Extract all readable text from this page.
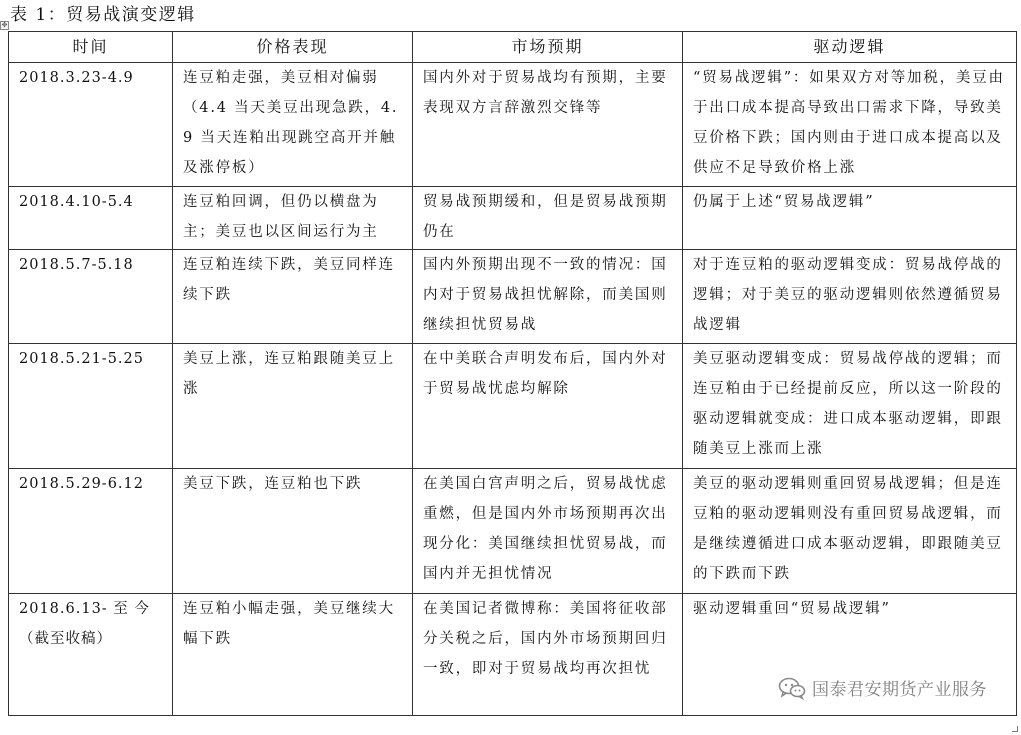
表 1：贸易战演变逻辑
✥
时间	价格表现	市场预期	驱动逻辑
2018.3.23-4.9	连豆粕走强，美豆相对偏弱（4.4 当天美豆出现急跌，4.9 当天连粕出现跳空高开并触及涨停板）	国内外对于贸易战均有预期，主要表现双方言辞激烈交锋等	“贸易战逻辑”：如果双方对等加税，美豆由于出口成本提高导致出口需求下降，导致美豆价格下跌；国内则由于进口成本提高以及供应不足导致价格上涨
2018.4.10-5.4	连豆粕回调，但仍以横盘为主；美豆也以区间运行为主	贸易战预期缓和，但是贸易战预期仍在	仍属于上述“贸易战逻辑”
2018.5.7-5.18	连豆粕连续下跌，美豆同样连续下跌	国内外预期出现不一致的情况：国内对于贸易战担忧解除，而美国则继续担忧贸易战	对于连豆粕的驱动逻辑变成：贸易战停战的逻辑；对于美豆的驱动逻辑则依然遵循贸易战逻辑
2018.5.21-5.25	美豆上涨，连豆粕跟随美豆上涨	在中美联合声明发布后，国内外对于贸易战忧虑均解除	美豆驱动逻辑变成：贸易战停战的逻辑；而连豆粕由于已经提前反应，所以这一阶段的驱动逻辑就变成：进口成本驱动逻辑，即跟随美豆上涨而上涨
2018.5.29-6.12	美豆下跌，连豆粕也下跌	在美国白宫声明之后，贸易战忧虑重燃，但是国内外市场预期再次出现分化：美国继续担忧贸易战，而国内并无担忧情况	美豆的驱动逻辑则重回贸易战逻辑；但是连豆粕的驱动逻辑则没有重回贸易战逻辑，而是继续遵循进口成本驱动逻辑，即跟随美豆的下跌而下跌
2018.6.13- 至 今（截至收稿）	连豆粕小幅走强，美豆继续大幅下跌	在美国记者微博称：美国将征收部分关税之后，国内外市场预期回归一致，即对于贸易战均再次担忧	驱动逻辑重回“贸易战逻辑”
国泰君安期货产业服务
